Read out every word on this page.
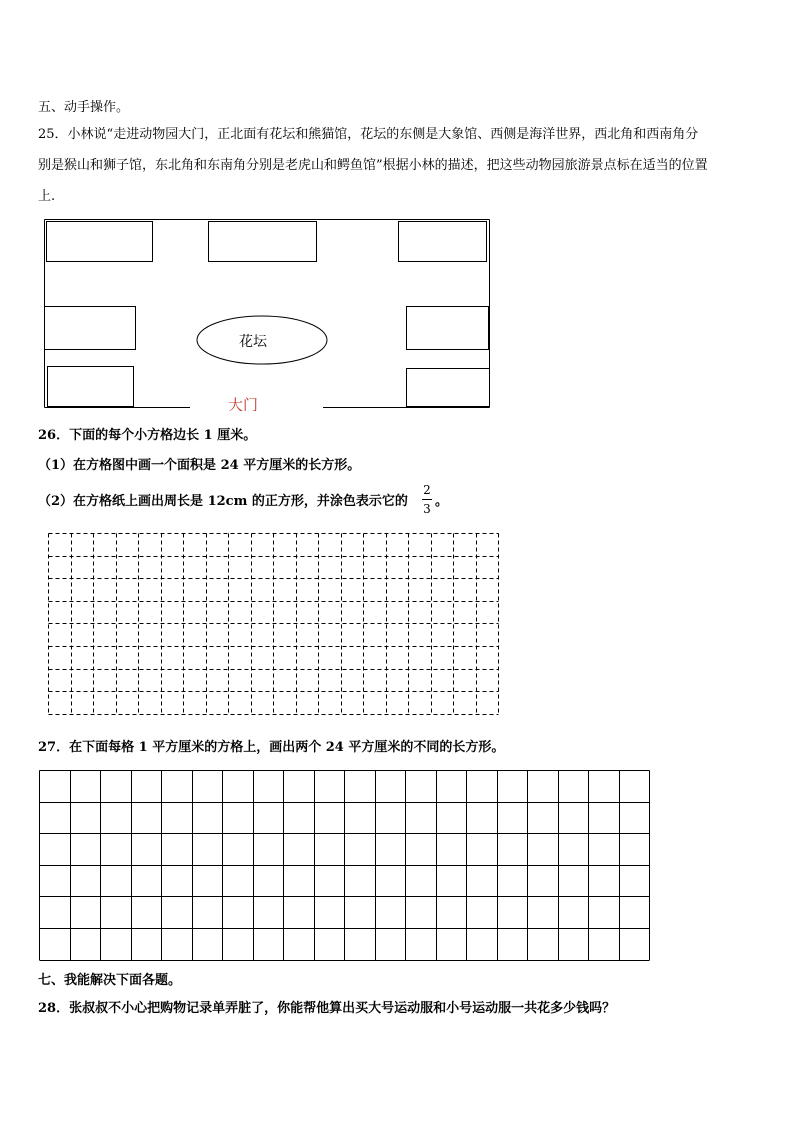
五、动手操作。
25．小林说“走进动物园大门，正北面有花坛和熊猫馆，花坛的东侧是大象馆、西侧是海洋世界，西北角和西南角分
别是猴山和狮子馆，东北角和东南角分别是老虎山和鳄鱼馆”根据小林的描述，把这些动物园旅游景点标在适当的位置
上.
花坛
大门
26．下面的每个小方格边长 1 厘米。
（1）在方格图中画一个面积是 24 平方厘米的长方形。
（2）在方格纸上画出周长是 12cm 的正方形，并涂色表示它的
2
3 。
27．在下面每格 1 平方厘米的方格上，画出两个 24 平方厘米的不同的长方形。
七、我能解决下面各题。
28．张叔叔不小心把购物记录单弄脏了，你能帮他算出买大号运动服和小号运动服一共花多少钱吗？
